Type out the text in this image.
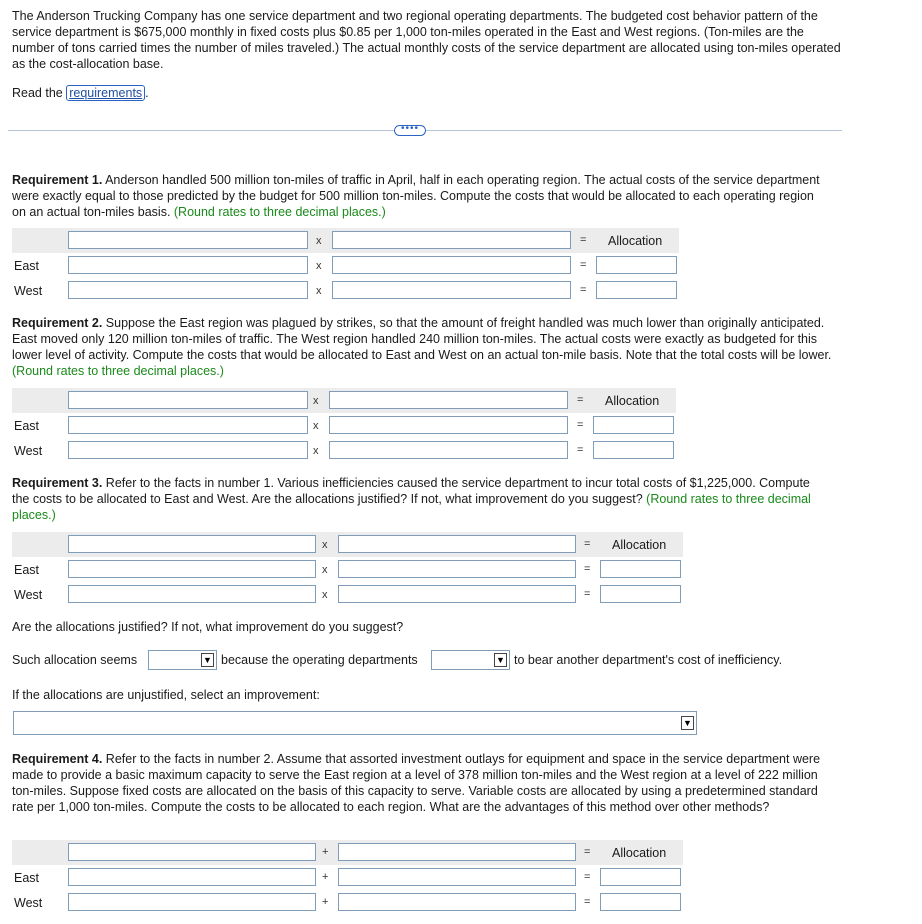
The Anderson Trucking Company has one service department and two regional operating departments. The budgeted cost behavior pattern of the service department is $675,000 monthly in fixed costs plus $0.85 per 1,000 ton-miles operated in the East and West regions. (Ton-miles are the number of tons carried times the number of miles traveled.) The actual monthly costs of the service department are allocated using ton-miles operated as the cost-allocation base.

Read the requirements .

••••

Requirement 1. Anderson handled 500 million ton-miles of traffic in April, half in each operating region. The actual costs of the service department were exactly equal to those predicted by the budget for 500 million ton-miles. Compute the costs that would be allocated to each operating region on an actual ton-miles basis. (Round rates to three decimal places.)

x	= Allocation
East	x	=
West	x	=

Requirement 2. Suppose the East region was plagued by strikes, so that the amount of freight handled was much lower than originally anticipated. East moved only 120 million ton-miles of traffic. The West region handled 240 million ton-miles. The actual costs were exactly as budgeted for this lower level of activity. Compute the costs that would be allocated to East and West on an actual ton-mile basis. Note that the total costs will be lower. (Round rates to three decimal places.)

x	= Allocation
East	x	=
West	x	=

Requirement 3. Refer to the facts in number 1. Various inefficiencies caused the service department to incur total costs of $1,225,000. Compute the costs to be allocated to East and West. Are the allocations justified? If not, what improvement do you suggest? (Round rates to three decimal places.)

x	= Allocation
East	x	=
West	x	=

Are the allocations justified? If not, what improvement do you suggest?

Such allocation seems	▼ because the operating departments	▼ to bear another department's cost of inefficiency.

If the allocations are unjustified, select an improvement:

▼

Requirement 4. Refer to the facts in number 2. Assume that assorted investment outlays for equipment and space in the service department were made to provide a basic maximum capacity to serve the East region at a level of 378 million ton-miles and the West region at a level of 222 million ton-miles. Suppose fixed costs are allocated on the basis of this capacity to serve. Variable costs are allocated by using a predetermined standard rate per 1,000 ton-miles. Compute the costs to be allocated to each region. What are the advantages of this method over other methods?

+	= Allocation
East	+	=
West	+	=
